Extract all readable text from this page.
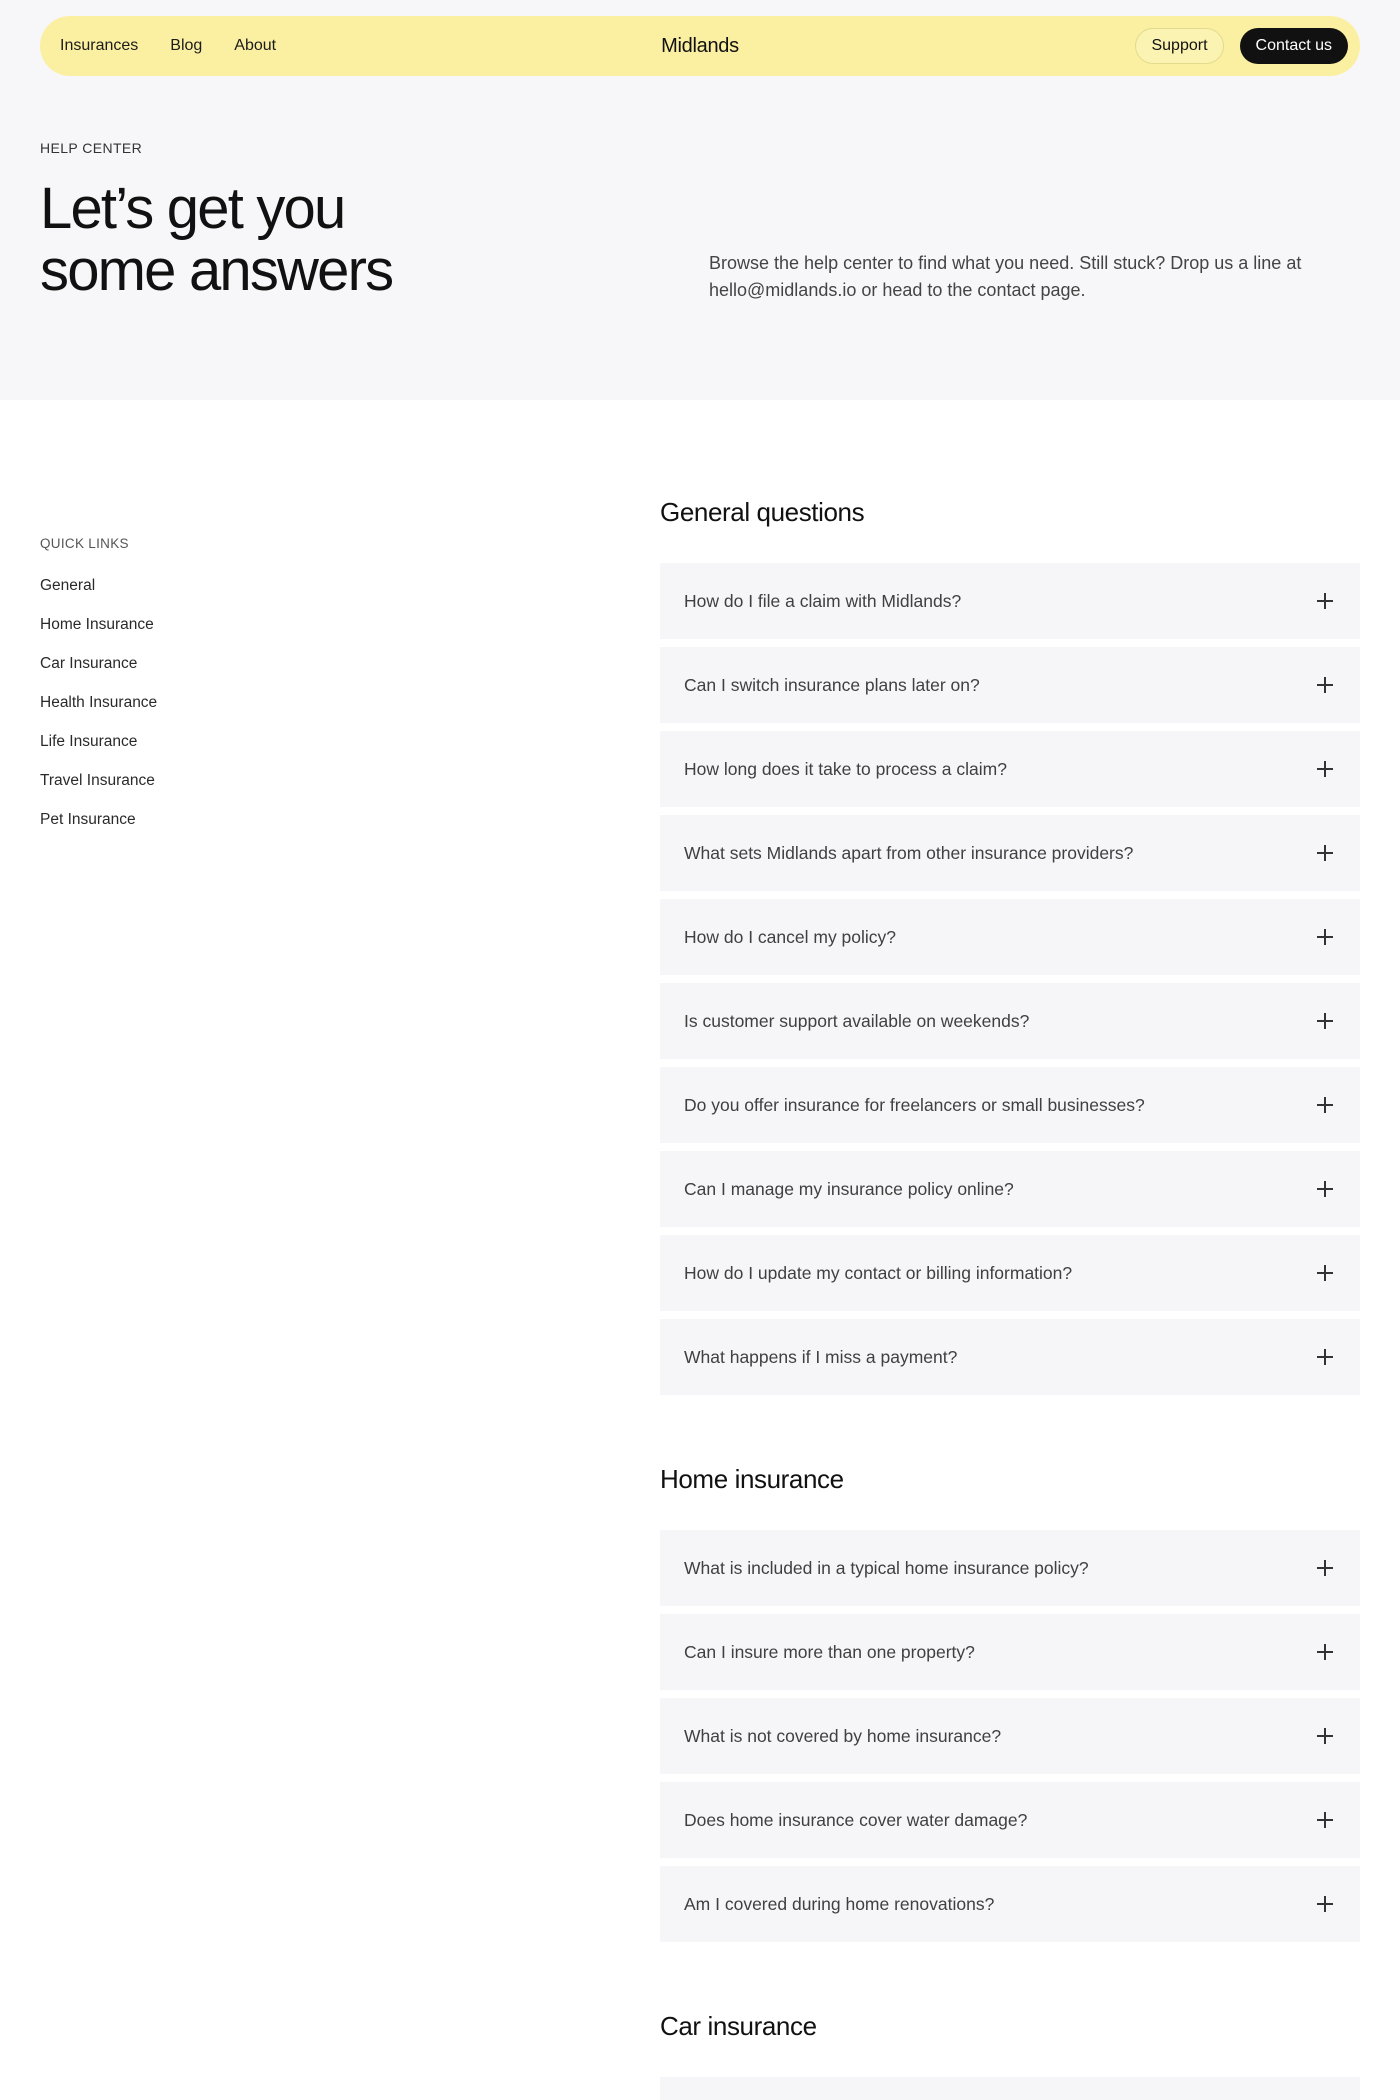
Insurances Blog About	Midlands	Support	Contact us
HELP CENTER
Let’s get you
some answers	Browse the help center to find what you need. Still stuck? Drop us a line at hello@midlands.io or head to the contact page.

QUICK LINKS
General
Home Insurance
Car Insurance
Health Insurance
Life Insurance
Travel Insurance
Pet Insurance
General questions
How do I file a claim with Midlands?
Can I switch insurance plans later on?
How long does it take to process a claim?
What sets Midlands apart from other insurance providers?
How do I cancel my policy?
Is customer support available on weekends?
Do you offer insurance for freelancers or small businesses?
Can I manage my insurance policy online?
How do I update my contact or billing information?
What happens if I miss a payment?
Home insurance
What is included in a typical home insurance policy?
Can I insure more than one property?
What is not covered by home insurance?
Does home insurance cover water damage?
Am I covered during home renovations?
Car insurance
